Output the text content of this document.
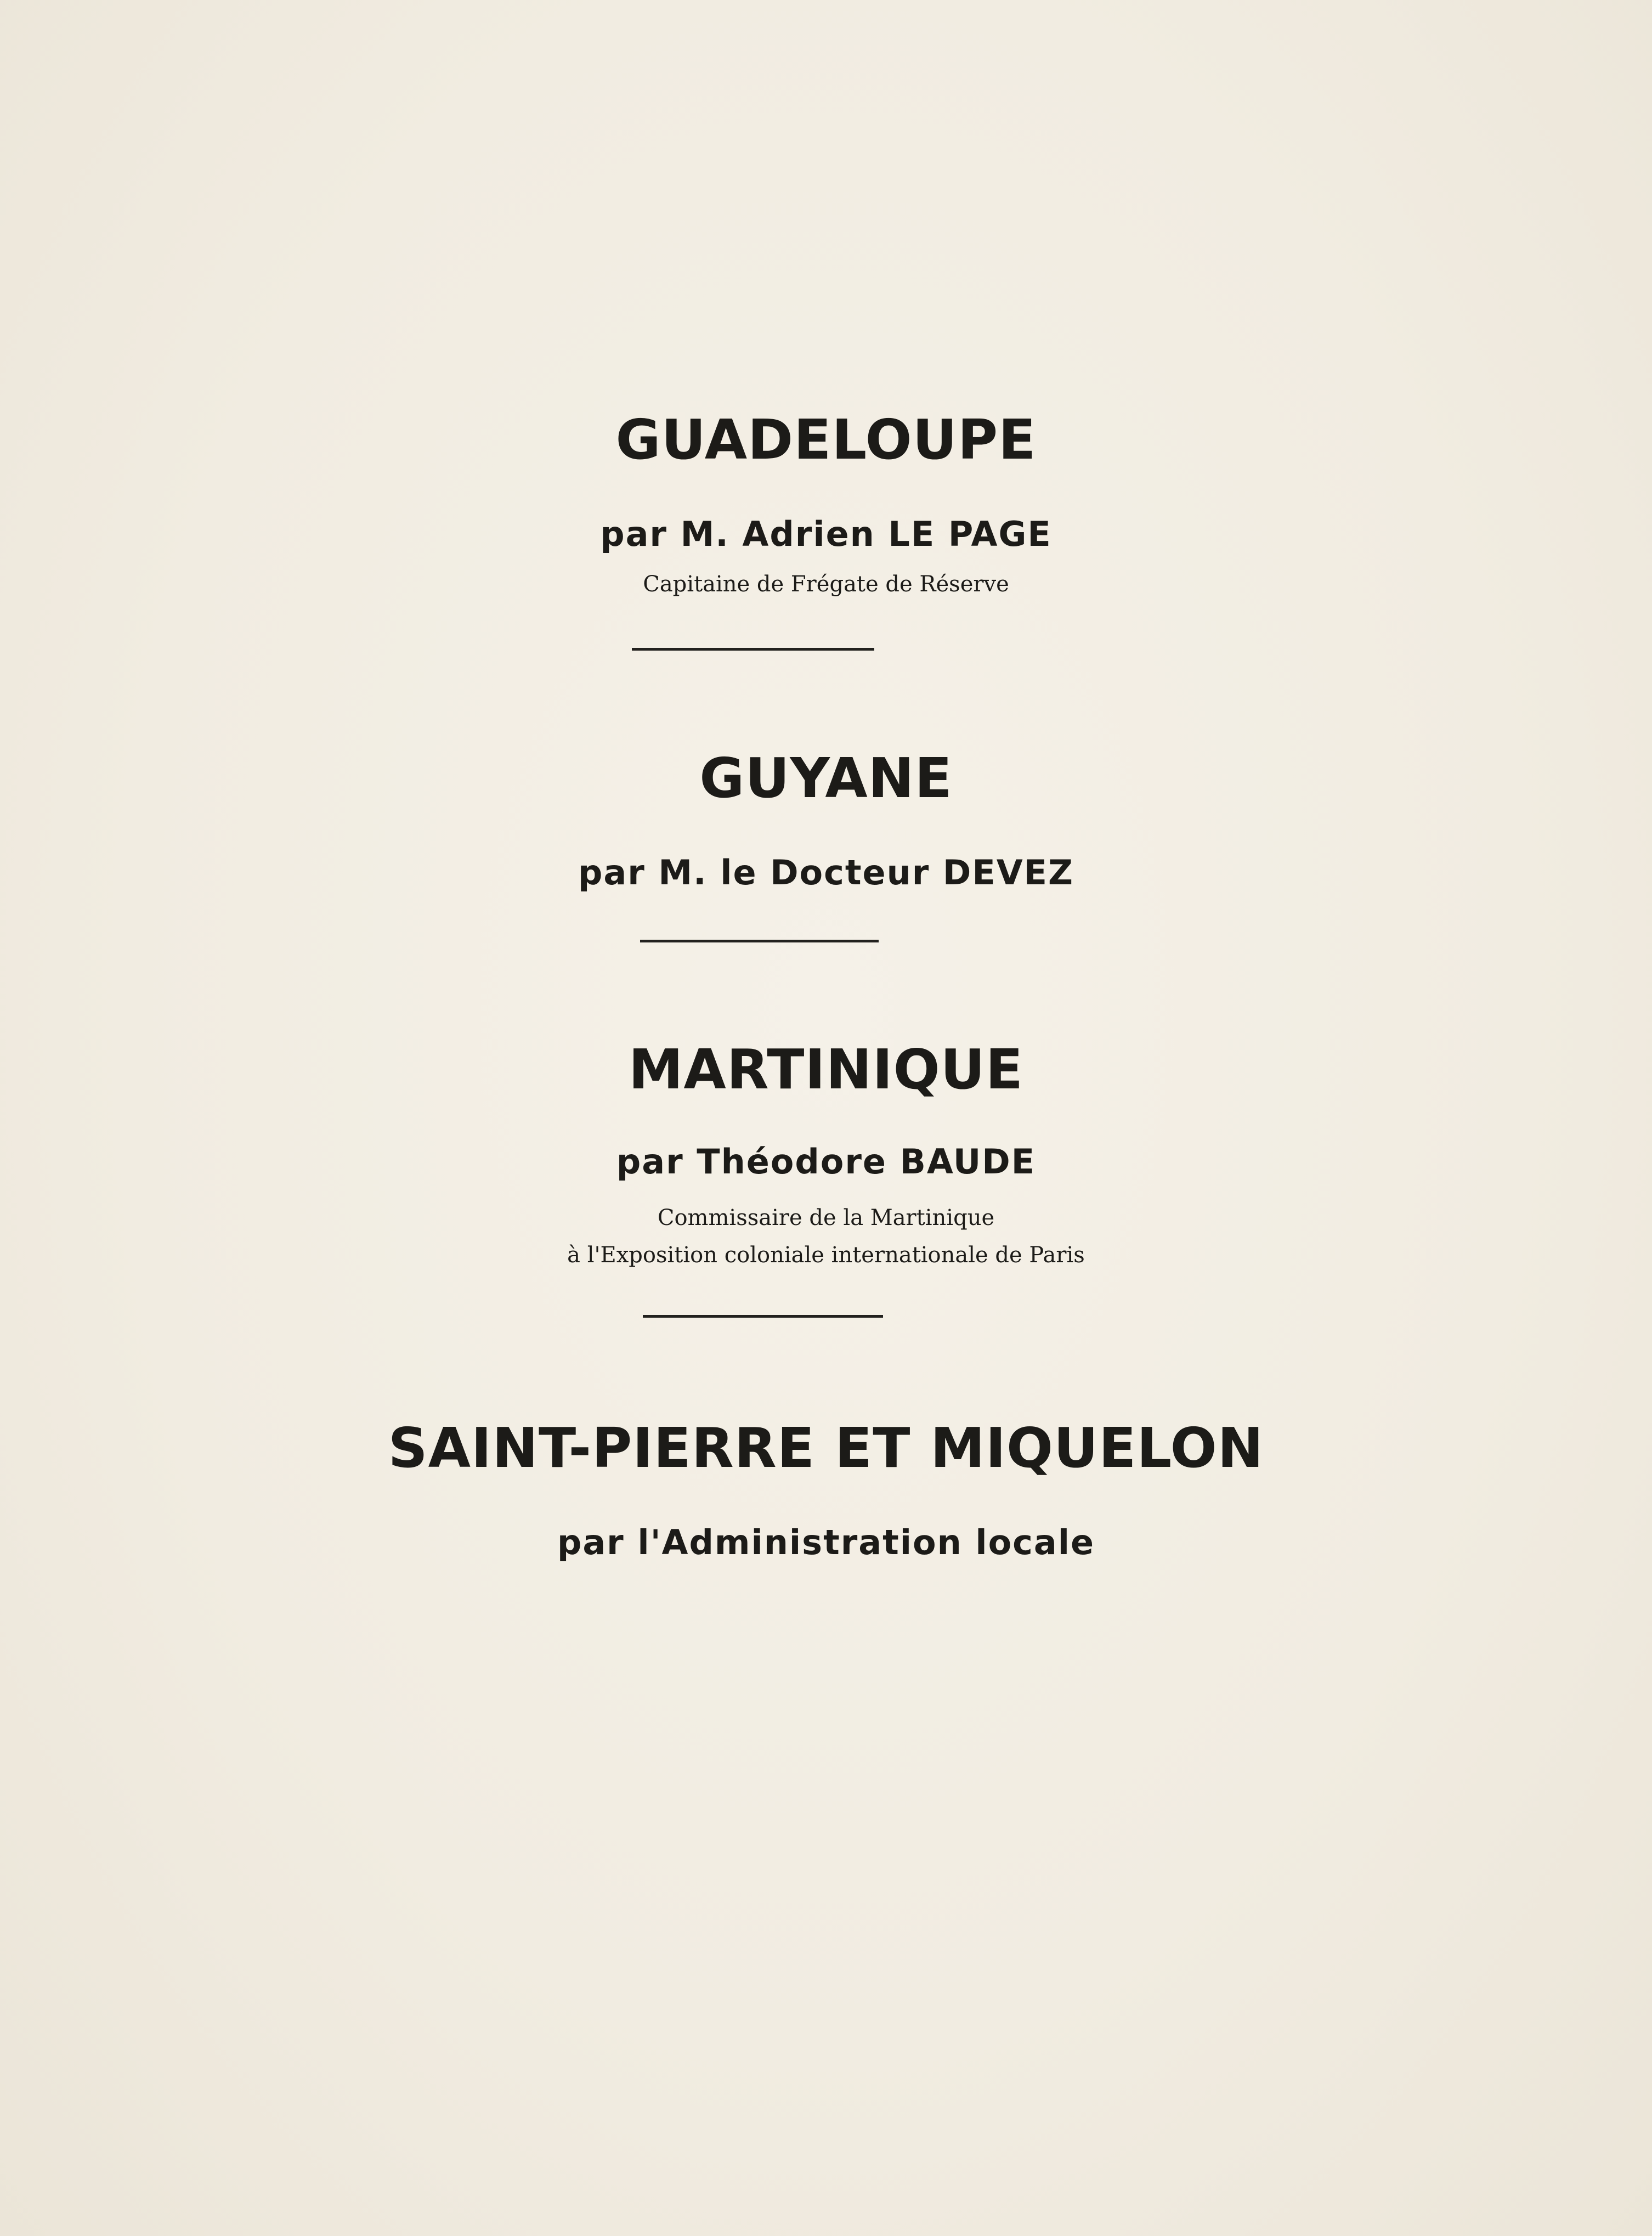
GUADELOUPE
par M. Adrien LE PAGE
Capitaine de Frégate de Réserve
GUYANE
par M. le Docteur DEVEZ
MARTINIQUE
par Théodore BAUDE
Commissaire de la Martinique
à l'Exposition coloniale internationale de Paris
SAINT-PIERRE ET MIQUELON
par l'Administration locale
